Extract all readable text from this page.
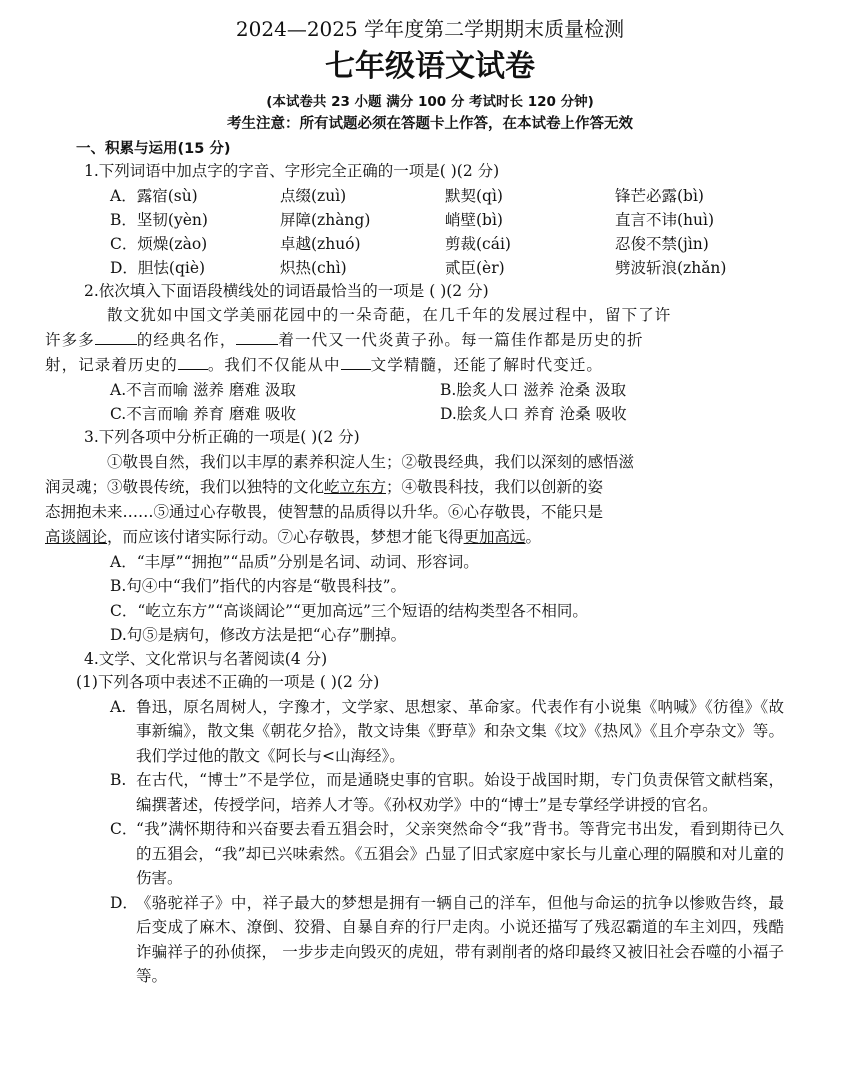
2024—2025 学年度第二学期期末质量检测
七年级语文试卷
(本试卷共 23 小题 满分 100 分 考试时长 120 分钟)
考生注意：所有试题必须在答题卡上作答，在本试卷上作答无效
一、积累与运用(15 分)
1.下列词语中加点字的字音、字形完全正确的一项是( )(2 分)
A．露宿(sù)	点缀(zuì)	默契(qì)	锋芒必露(bì)
B．坚韧(yèn)	屏障(zhàng)	峭壁(bì)	直言不讳(huì)
C．烦燥(zào)	卓越(zhuó)	剪裁(cái)	忍俊不禁(jìn)
D．胆怯(qiè)	炽热(chì)	贰臣(èr)	劈波斩浪(zhǎn)
2.依次填入下面语段横线处的词语最恰当的一项是 ( )(2 分)
散文犹如中国文学美丽花园中的一朵奇葩，在几千年的发展过程中，留下了许
许多多	的经典名作，	着一代又一代炎黄子孙。每一篇佳作都是历史的折
射，记录着历史的 。我们不仅能从中 文学精髓，还能了解时代变迁。
A.不言而喻 滋养 磨难 汲取	B.脍炙人口 滋养 沧桑 汲取
C.不言而喻 养育 磨难 吸收	D.脍炙人口 养育 沧桑 吸收
3.下列各项中分析正确的一项是( )(2 分)
①敬畏自然，我们以丰厚的素养积淀人生；②敬畏经典，我们以深刻的感悟滋
润灵魂；③敬畏传统，我们以独特的文化屹立东方；④敬畏科技，我们以创新的姿
态拥抱未来……⑤通过心存敬畏，使智慧的品质得以升华。⑥心存敬畏，不能只是
高谈阔论，而应该付诸实际行动。⑦心存敬畏，梦想才能飞得更加高远。
A．“丰厚”“拥抱”“品质”分别是名词、动词、形容词。
B.句④中“我们”指代的内容是“敬畏科技”。
C．“屹立东方”“高谈阔论”“更加高远”三个短语的结构类型各不相同。
D.句⑤是病句，修改方法是把“心存”删掉。
4.文学、文化常识与名著阅读(4 分)
(1)下列各项中表述不正确的一项是 ( )(2 分)
A. 鲁迅，原名周树人，字豫才，文学家、思想家、革命家。代表作有小说集《呐喊》《彷徨》《故事新编》，散文集《朝花夕拾》，散文诗集《野草》和杂文集《坟》《热风》《且介亭杂文》等。我们学过他的散文《阿长与<山海经》。
B. 在古代，“博士”不是学位，而是通晓史事的官职。始设于战国时期，专门负责保管文献档案，编撰著述，传授学问，培养人才等。《孙权劝学》中的“博士”是专掌经学讲授的官名。
C．
“我”满怀期待和兴奋要去看五猖会时，父亲突然命令“我”背书。等背完书出发，看到期待已久的五猖会，“我”却已兴味索然。《五猖会》凸显了旧式家庭中家长与儿童心理的隔膜和对儿童的伤害。
D．
《骆驼祥子》中，祥子最大的梦想是拥有一辆自己的洋车，但他与命运的抗争以惨败告终，最后变成了麻木、潦倒、狡猾、自暴自弃的行尸走肉。小说还描写了残忍霸道的车主刘四，残酷诈骗祥子的孙侦探， 一步步走向毁灭的虎妞，带有剥削者的烙印最终又被旧社会吞噬的小福子等。
